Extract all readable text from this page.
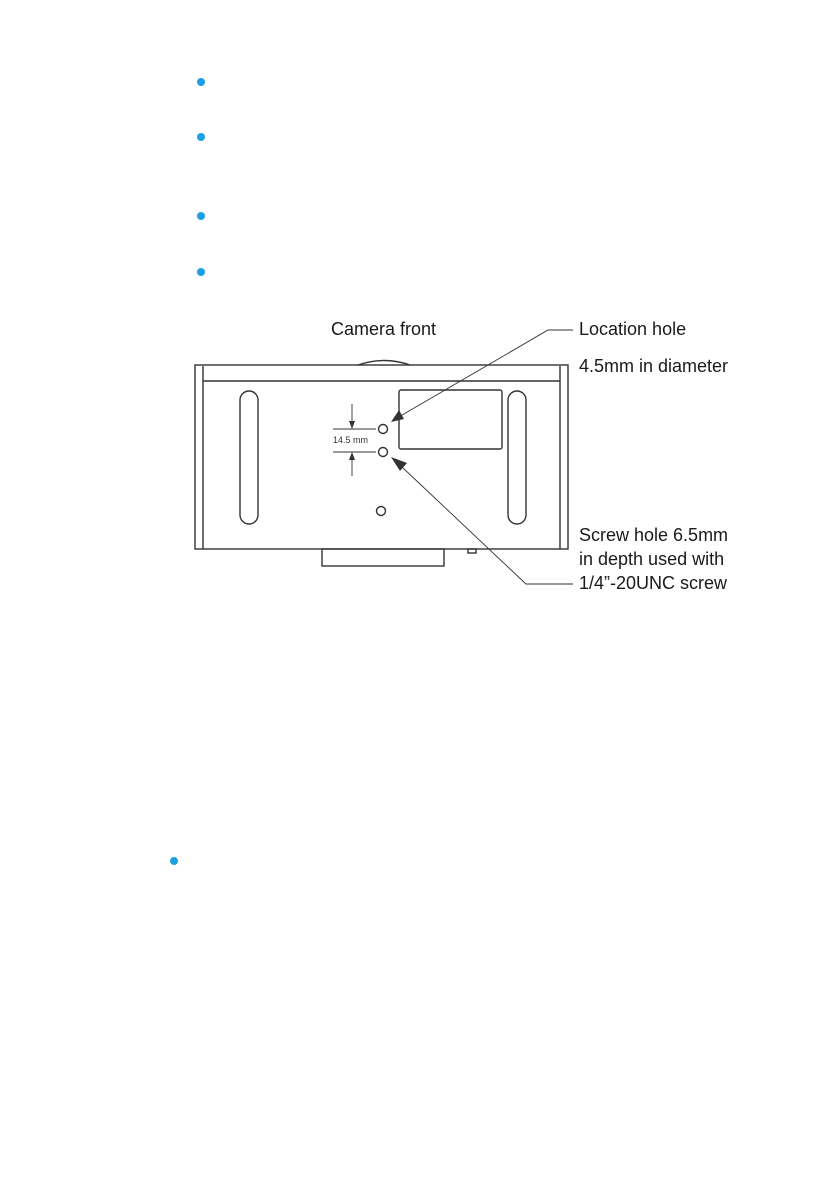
14.5 mm
Camera front	Location hole
4.5mm in diameter
Screw hole 6.5mm
in depth used with
1/4”-20UNC screw
